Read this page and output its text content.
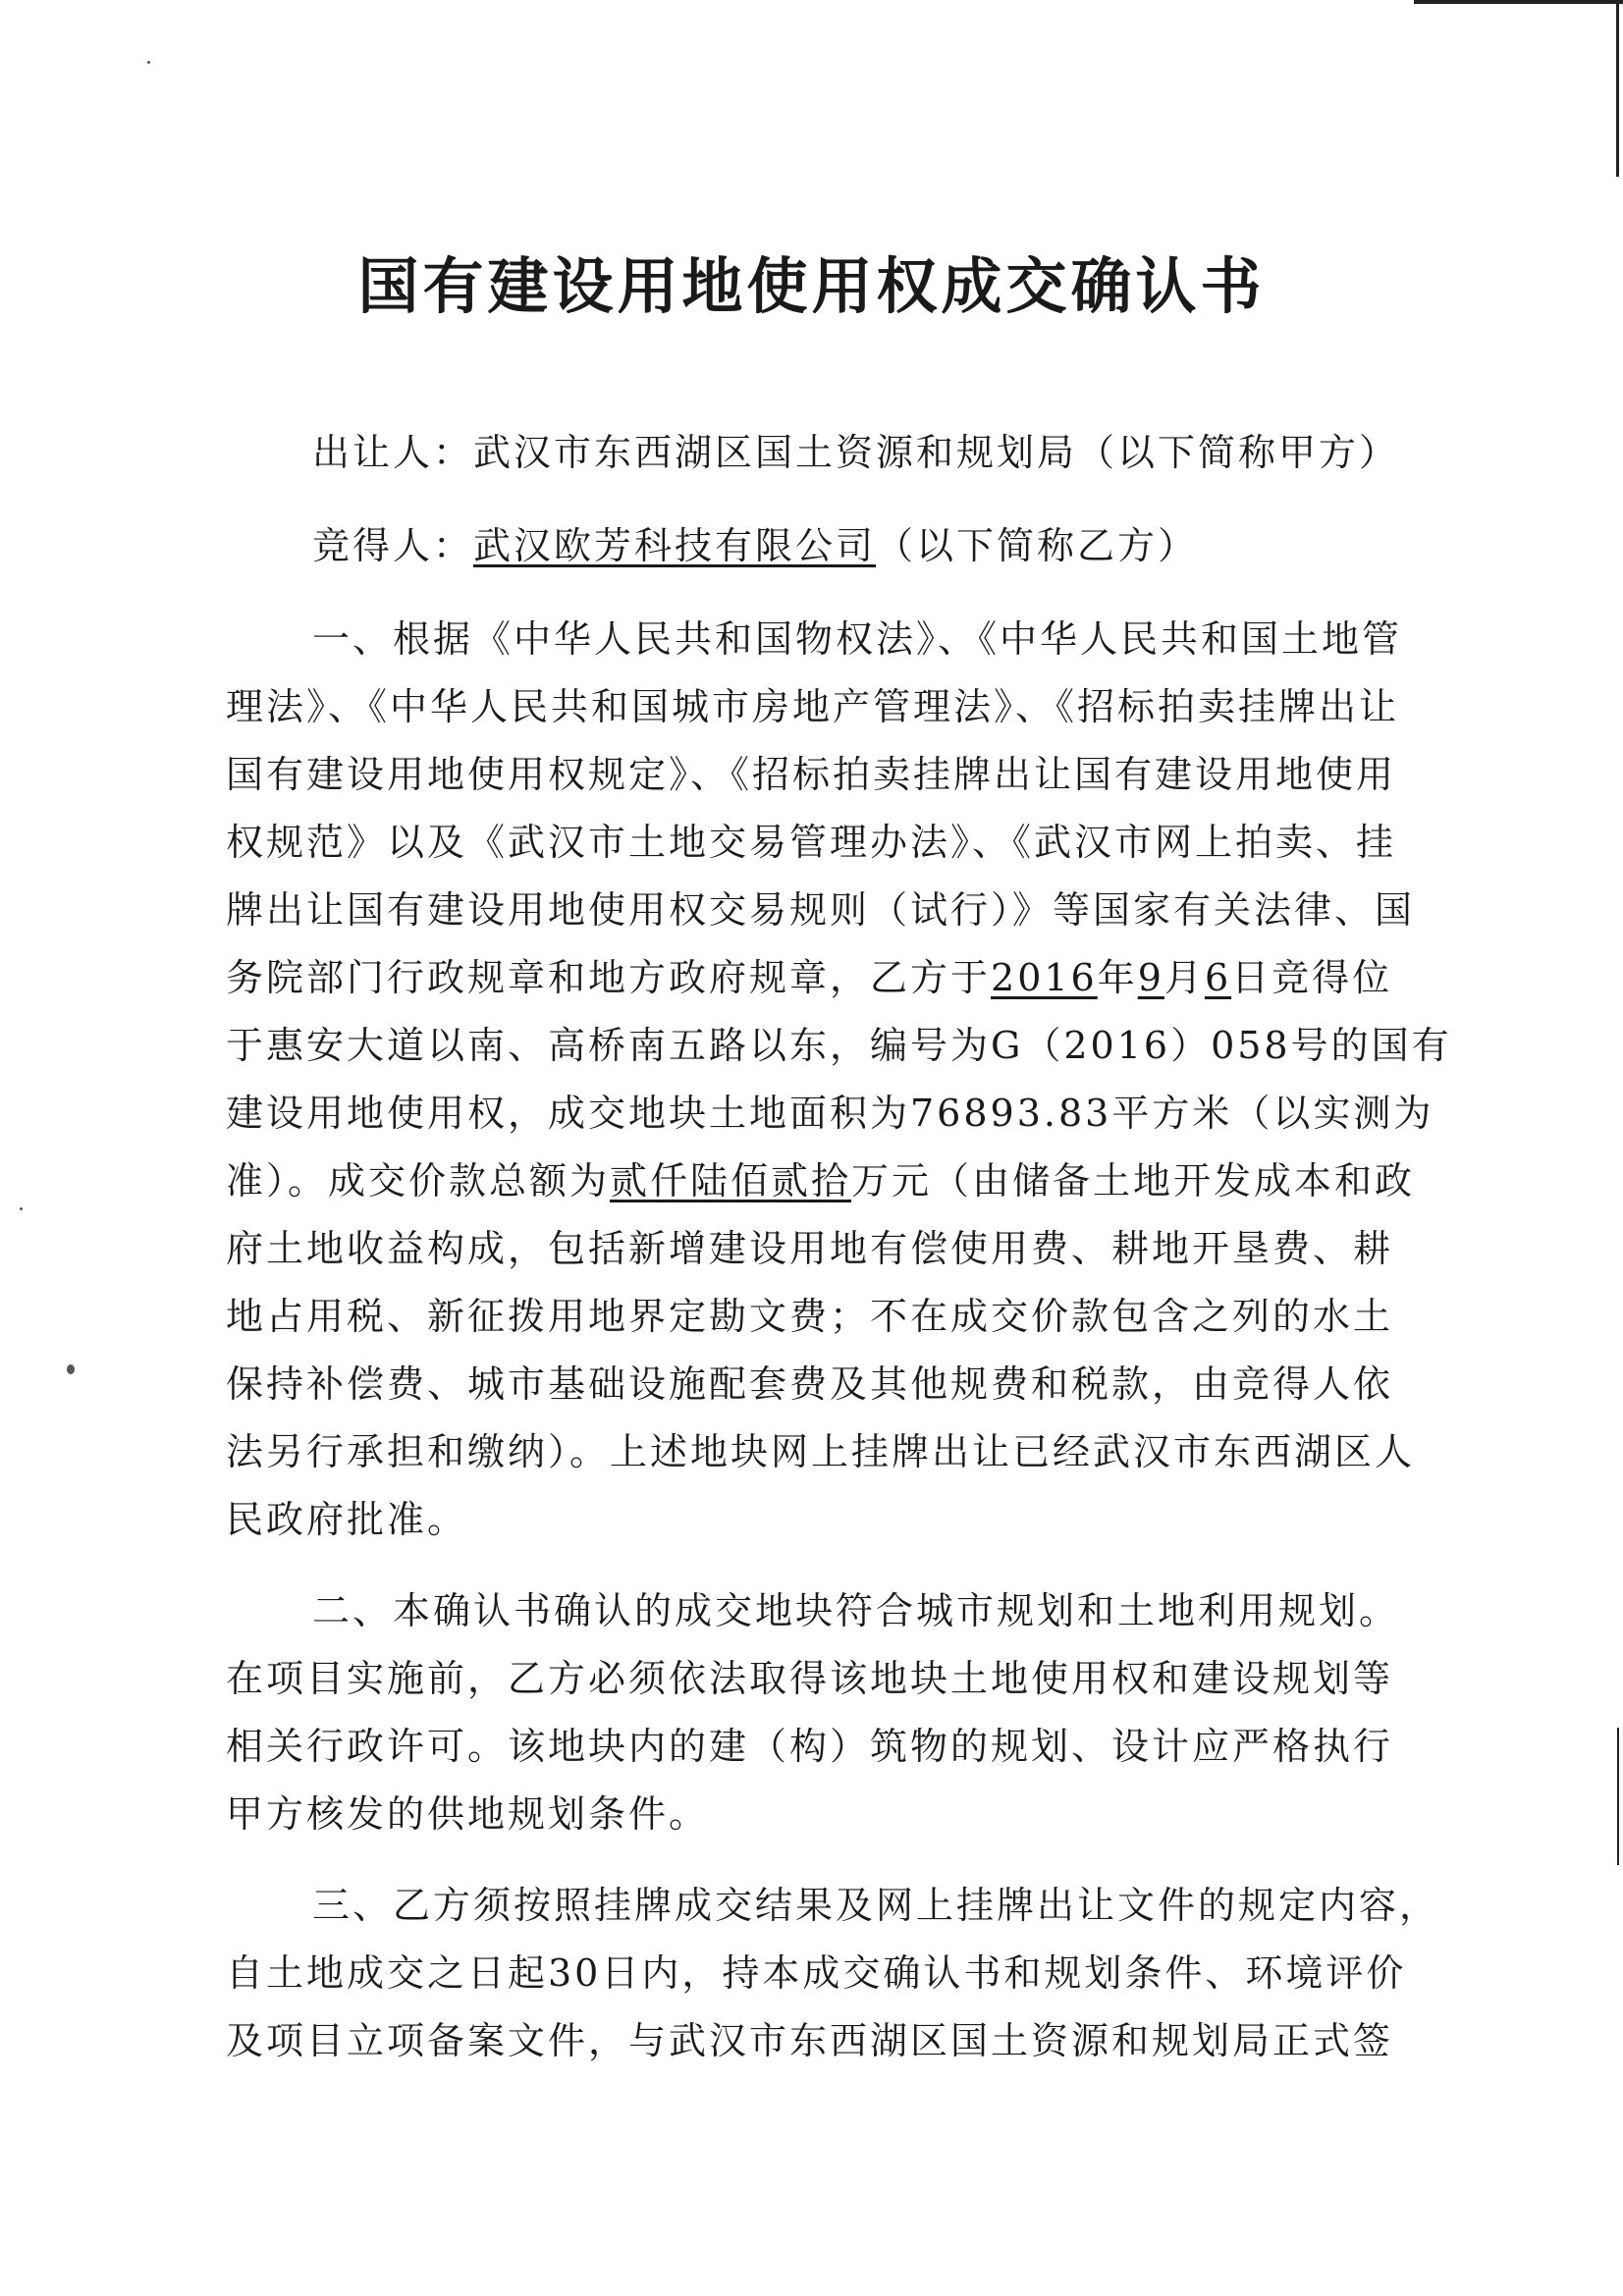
国有建设用地使用权成交确认书
出让人：武汉市东西湖区国土资源和规划局（以下简称甲方）
竞得人：武汉欧芳科技有限公司（以下简称乙方）
一、根据《中华人民共和国物权法》、《中华人民共和国土地管
理法》、《中华人民共和国城市房地产管理法》、《招标拍卖挂牌出让
国有建设用地使用权规定》、《招标拍卖挂牌出让国有建设用地使用
权规范》以及《武汉市土地交易管理办法》、《武汉市网上拍卖、挂
牌出让国有建设用地使用权交易规则（试行）》等国家有关法律、国
务院部门行政规章和地方政府规章，乙方于2016年9月6日竞得位
于惠安大道以南、高桥南五路以东，编号为G（2016）058号的国有
建设用地使用权，成交地块土地面积为76893.83平方米（以实测为
准）。成交价款总额为贰仟陆佰贰拾万元（由储备土地开发成本和政
府土地收益构成，包括新增建设用地有偿使用费、耕地开垦费、耕
地占用税、新征拨用地界定勘文费；不在成交价款包含之列的水土
保持补偿费、城市基础设施配套费及其他规费和税款，由竞得人依
法另行承担和缴纳）。上述地块网上挂牌出让已经武汉市东西湖区人
民政府批准。
二、本确认书确认的成交地块符合城市规划和土地利用规划。
在项目实施前，乙方必须依法取得该地块土地使用权和建设规划等
相关行政许可。该地块内的建（构）筑物的规划、设计应严格执行
甲方核发的供地规划条件。
三、乙方须按照挂牌成交结果及网上挂牌出让文件的规定内容，
自土地成交之日起30日内，持本成交确认书和规划条件、环境评价
及项目立项备案文件，与武汉市东西湖区国土资源和规划局正式签
